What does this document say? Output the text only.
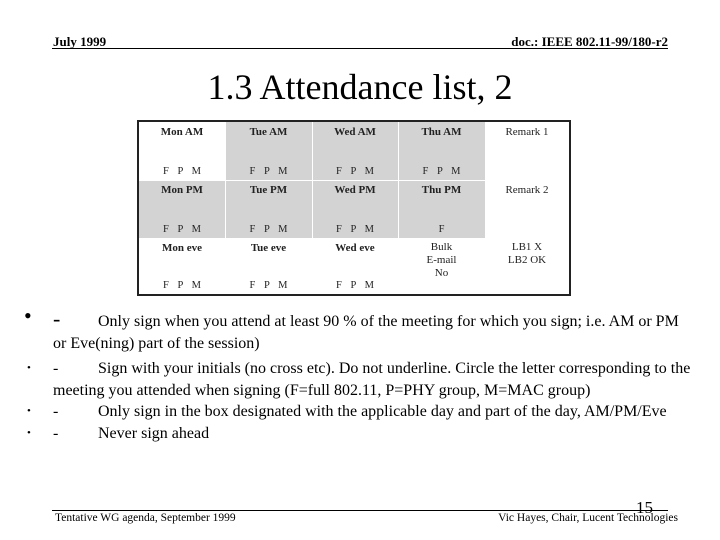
July 1999	doc.: IEEE 802.11-99/180-r2
1.3 Attendance list, 2
Mon AM
F P M
Tue AM
F P M
Wed AM
F P M
Thu AM
F P M
Remark 1
Mon PM
F P M
Tue PM
F P M
Wed PM
F P M
Thu PM
F
Remark 2
Mon eve
F P M
Tue eve
F P M
Wed eve
F P M
Bulk
E-mail
No
LB1 X
LB2 OK
• - Only sign when you attend at least 90 % of the meeting for which you sign; i.e. AM or PM or Eve(ning) part of the session)
• - Sign with your initials (no cross etc). Do not underline. Circle the letter corresponding to the meeting you attended when signing (F=full 802.11, P=PHY group, M=MAC group)
• - Only sign in the box designated with the applicable day and part of the day, AM/PM/Eve
• - Never sign ahead
15
Tentative WG agenda, September 1999	Vic Hayes, Chair, Lucent Technologies
